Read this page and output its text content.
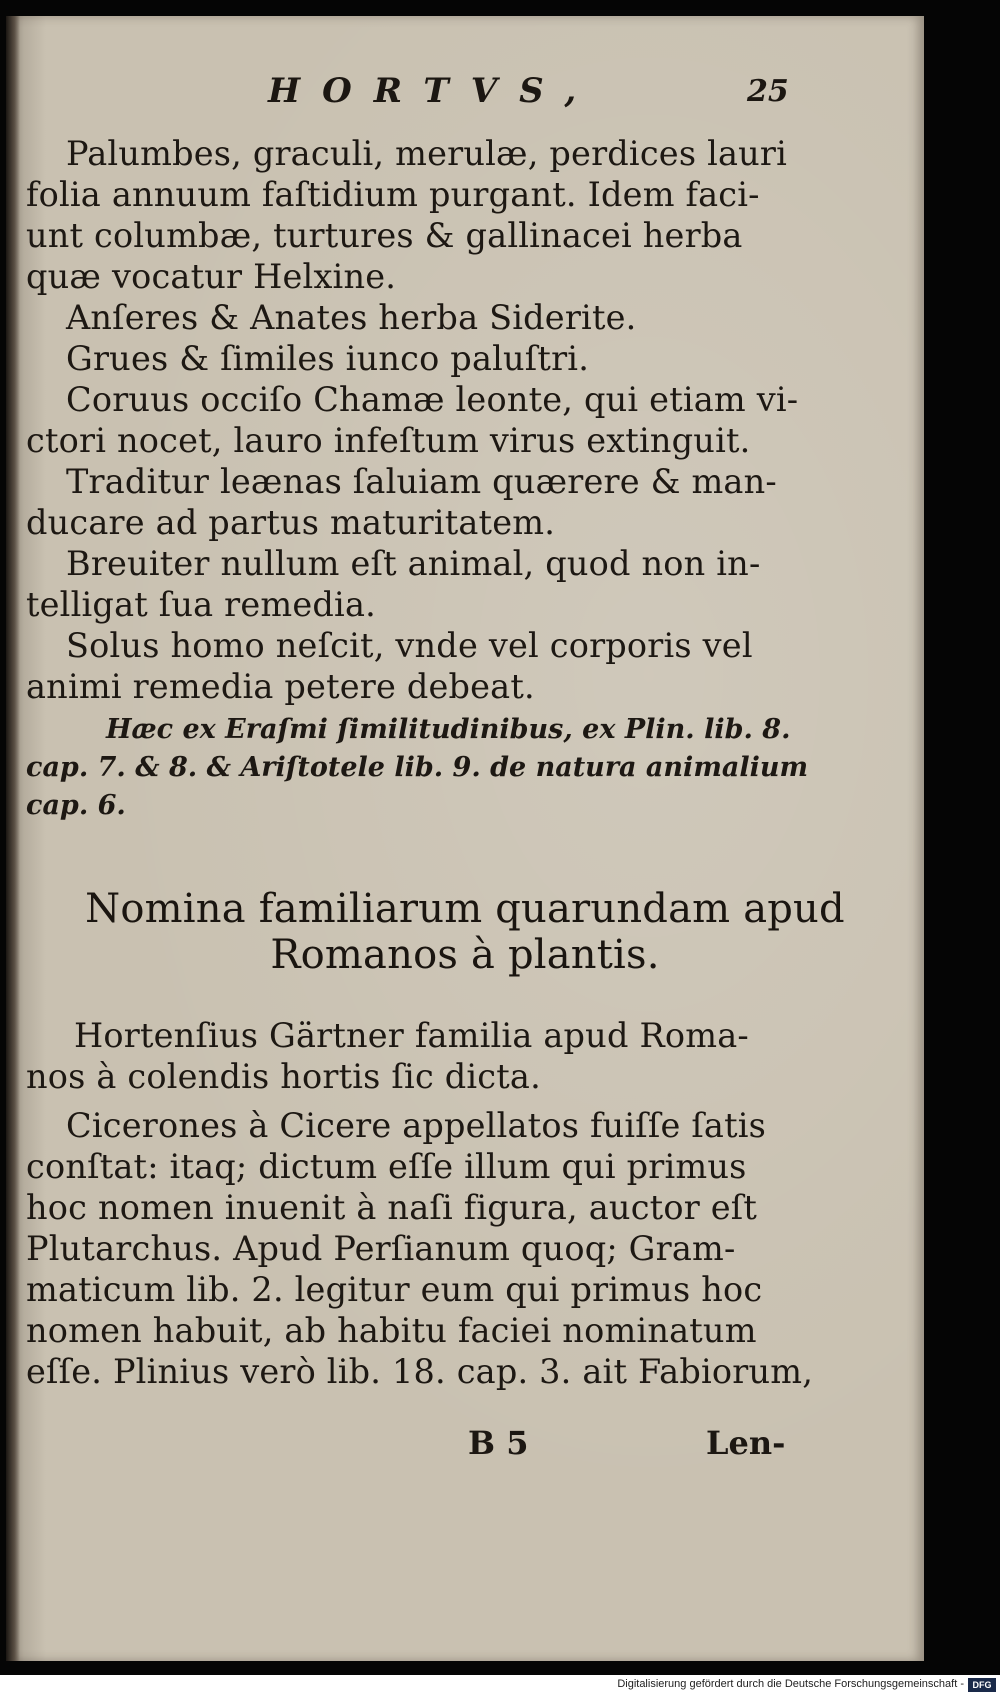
HORTVS,	25
Palumbes, graculi, merulæ, perdices lauri
folia annuum faſtidium purgant. Idem faci-
unt columbæ, turtures & gallinacei herba
quæ vocatur Helxine.
Anſeres & Anates herba Siderite.
Grues & ſimiles iunco paluſtri.
Coruus occiſo Chamæ leonte, qui etiam vi-
ctori nocet, lauro infeſtum virus extinguit.
Traditur leænas ſaluiam quærere & man-
ducare ad partus maturitatem.
Breuiter nullum eſt animal, quod non in-
telligat ſua remedia.
Solus homo neſcit, vnde vel corporis vel
animi remedia petere debeat.
Hæc ex Eraſmi ſimilitudinibus, ex Plin. lib. 8.
cap. 7. & 8. & Ariſtotele lib. 9. de natura animalium
cap. 6.
Nomina familiarum quarundam apud
Romanos à plantis.
Hortenſius Gärtner familia apud Roma-
nos à colendis hortis ſic dicta.
Cicerones à Cicere appellatos fuiſſe ſatis
conſtat: itaq; dictum eſſe illum qui primus
hoc nomen inuenit à naſi figura, auctor eſt
Plutarchus. Apud Perſianum quoq; Gram-
maticum lib. 2. legitur eum qui primus hoc
nomen habuit, ab habitu faciei nominatum
eſſe. Plinius verò lib. 18. cap. 3. ait Fabiorum,
B 5	Len-
Digitalisierung gefördert durch die Deutsche Forschungsgemeinschaft - DFG
